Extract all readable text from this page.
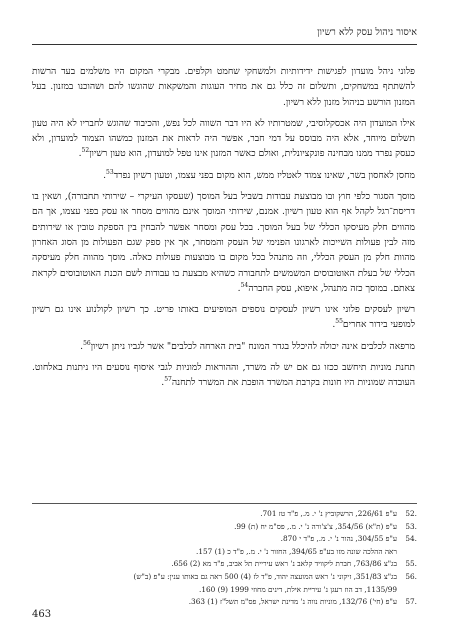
איסור ניהול עסק ללא רשיון

פלוני ניהל מועדון לפגישות ידידותיות ולמשחקי שחמט וקלפים. מבקרי המקום היו משלמים בעד הרשות להשתתף במשחקים, ותשלום זה כלל גם את מחיר העוגות והמשקאות שהוגשו להם ושהוכנו במזנון. בעל המזנון הורשע בניהול מזנון ללא רשיון.

אילו המועדון היה אכסקלוסיבי, שמטרותיו לא היו דבר השווה לכל נפש, והכיבוד שהוגש לחבריו לא היה טעון תשלום מיוחד, אלא היה מבוסס על דמי חבר, אפשר היה לראות את המזנון כמשהו הצמוד למועדון, ולא כעסק נפרד ממנו מבחינה פונקציונלית, ואולם כאשר המזנון אינו טפל למועדון, הוא טעון רשיון$^{52}$.

מחסן לאחסון בשר, שאינו צמוד לאטליז ממש, הוא מקום בפני עצמו, וטעון רשיון נפרד$^{53}$.

מוסך הסגור כלפי חוץ ובו מבוצעת עבודות בשביל בעל המוסך (שעסקו העיקרי – שירותי תחבורה), ושאין בו דריסת־רגל לקהל אף הוא טעון רשיון. אמנם, שירותי המוסך אינם מהווים מסחר או עסק בפני עצמו, אך הם מהווים חלק מעיסקו הכללי של בעל המוסך. בכל עסק ומסחר אפשר להבחין בין הספקת טובין או שירותים מזה לבין פעולות השייכות לארגונו הפנימי של העסק והמסחר, אך אין ספק שגם הפעולות מן הסוג האחרון מהוות חלק מן העסק הכללי, וזה מתנהל בכל מקום בו מבוצעות פעולות כאלה. מוסך מהווה חלק מעיסקה הכללי של בעלת האוטובוסים המשמשים לתחבורה כשהיא מבצעת בו עבודות לשם הכנת האוטובוסים לקראת צאתם. במוסך כזה מתנהל, איפוא, עסק החברה$^{54}$.

רשיון לעסקים פלוני אינו רשיון לעסקים נוספים המופיעים באותו פריט. כך רשיון לקולנוע אינו גם רשיון למופעי בידור אחרים$^{55}$.

מרפאה לכלבים אינה יכולה להיכלל בגדר המונח "בית הארחה לכלבים" אשר לגביו ניתן רשיון$^{56}$.

תחנת מוניות תיחשב ככזו גם אם יש לה משרד, וההוראות למוניות לגבי איסוף נוסעים היו ניתנות באלחוט. העובדה שמוניות היו חונות בקרבת המשרד הופכת את המשרד לתחנה$^{57}$.

.52
ע"פ 226/61, הרשקוביץ נ' י. מ., פ"ד טז 701.
.53
ע"פ (ת"א) 354/56, צ'צ'ורה נ' י. מ., פס"מ יח (ת) 99.
.54
ע"פ 304/55, נהור נ' י. מ., פ"ד י 870.
ראה ההלכה שונה מזו בע"פ 394/65, החזור נ' י. מ., פ"ד כ (1) 157.
.55
בג"צ 763/86, חברת ליקוויד קלאב נ' ראש עיריית תל אביב, פ"ד מא (2) 656.
.56
בג"צ 351/83, זיקוני נ' ראש המועצה יהוד, פ"ד לז (4) 500 ראה גם באותו ענין: ע"פ (ב"ש)
1135/99, דב הוז רעגן נ' עיריית אילת, דינים מחוזי 1999 (9) 160.
.57
ע"פ (חי') 132/76, מוניות נווה נ' מדינת ישראל, פס"מ תשל"ז (1) 363.
463
